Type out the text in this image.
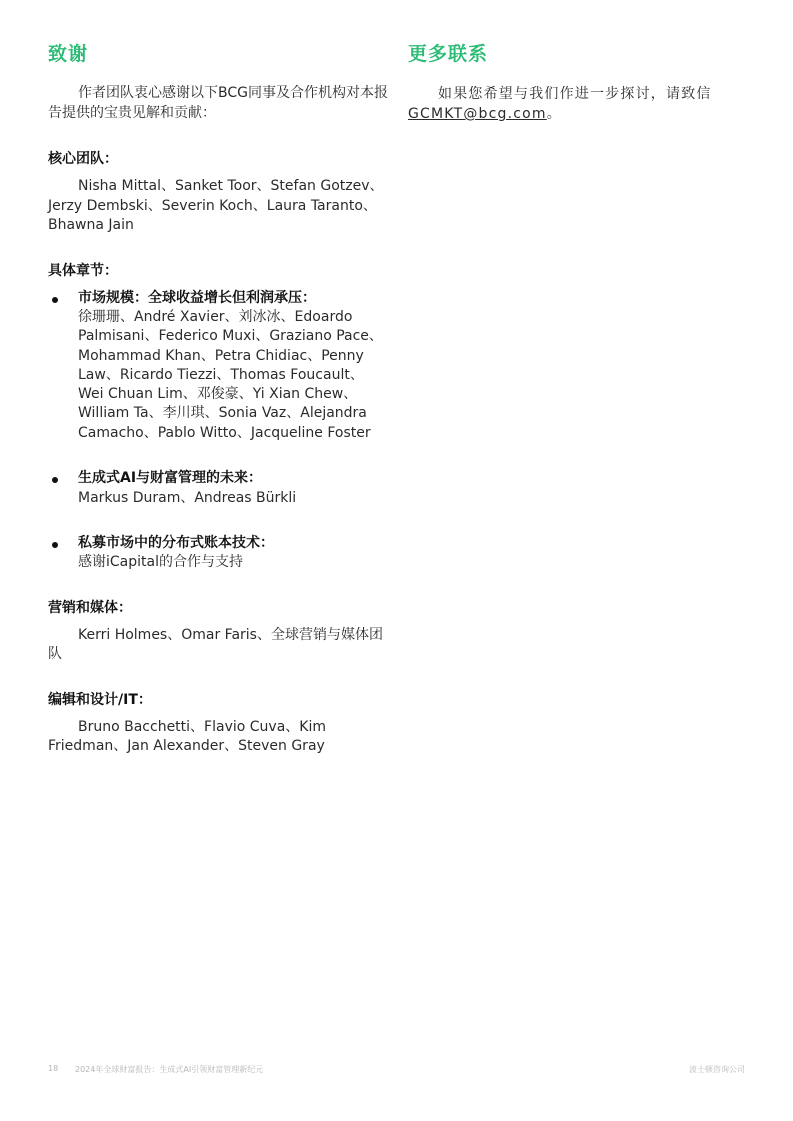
致谢

作者团队衷心感谢以下BCG同事及合作机构对本报告提供的宝贵见解和贡献：

核心团队：

Nisha Mittal、Sanket Toor、Stefan Gotzev、Jerzy Dembski、Severin Koch、Laura Taranto、Bhawna Jain

具体章节：
市场规模：全球收益增长但利润承压：
徐珊珊、André Xavier、刘冰冰、Edoardo Palmisani、Federico Muxi、Graziano Pace、Mohammad Khan、Petra Chidiac、Penny Law、Ricardo Tiezzi、Thomas Foucault、Wei Chuan Lim、邓俊豪、Yi Xian Chew、William Ta、李川琪、Sonia Vaz、Alejandra Camacho、Pablo Witto、Jacqueline Foster
生成式AI与财富管理的未来：
Markus Duram、Andreas Bürkli
私募市场中的分布式账本技术：
感谢iCapital的合作与支持
营销和媒体：

Kerri Holmes、Omar Faris、全球营销与媒体团队

编辑和设计/IT：

Bruno Bacchetti、Flavio Cuva、Kim Friedman、Jan Alexander、Steven Gray

更多联系

如果您希望与我们作进一步探讨，请致信GCMKT@bcg.com。

18 2024年全球财富报告：生成式AI引领财富管理新纪元	波士顿咨询公司
